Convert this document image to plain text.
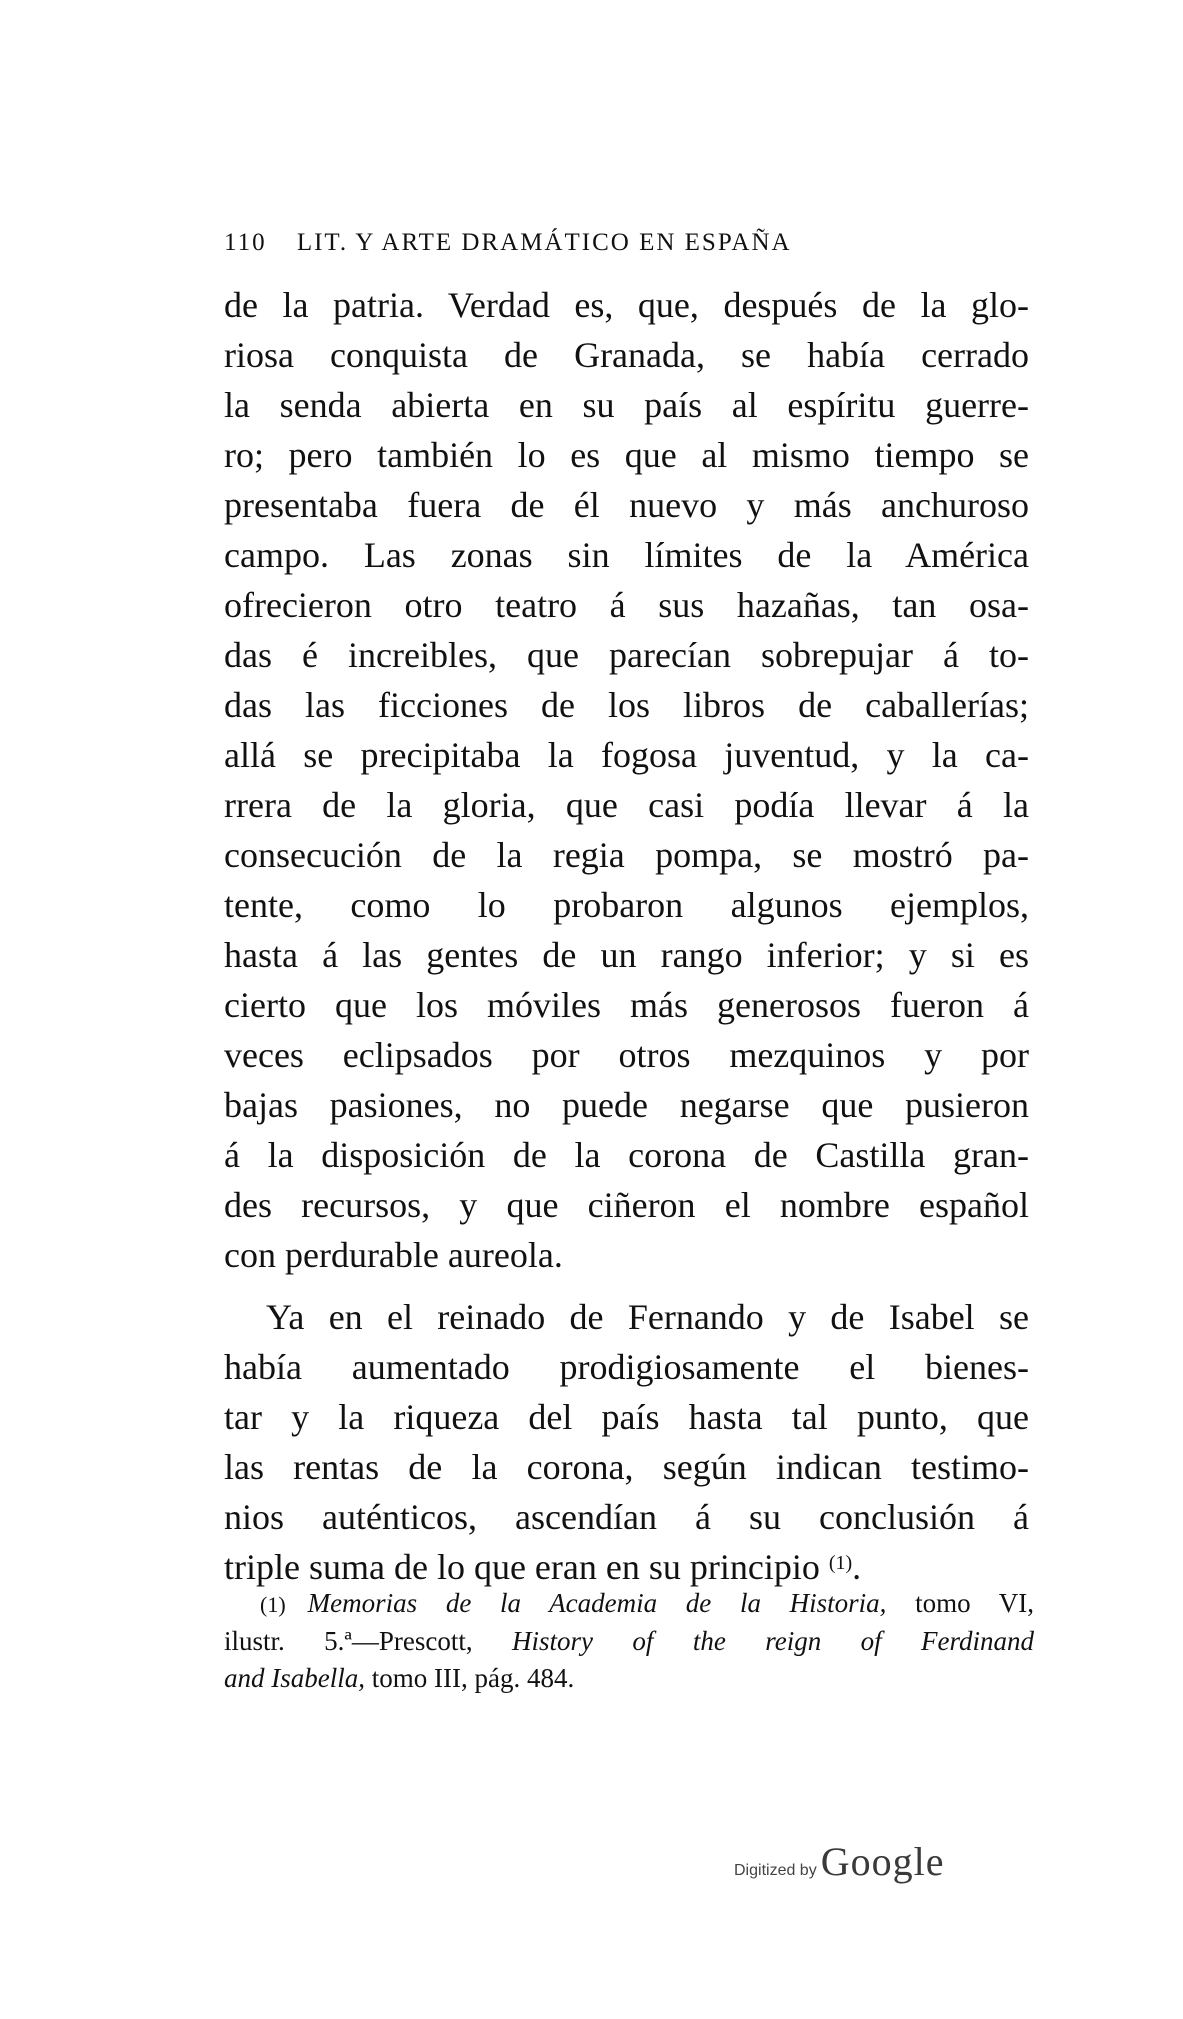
110 LIT. Y ARTE DRAMÁTICO EN ESPAÑA
de la patria. Verdad es, que, después de la glo-
riosa conquista de Granada, se había cerrado
la senda abierta en su país al espíritu guerre-
ro; pero también lo es que al mismo tiempo se
presentaba fuera de él nuevo y más anchuroso
campo. Las zonas sin límites de la América
ofrecieron otro teatro á sus hazañas, tan osa-
das é increibles, que parecían sobrepujar á to-
das las ficciones de los libros de caballerías;
allá se precipitaba la fogosa juventud, y la ca-
rrera de la gloria, que casi podía llevar á la
consecución de la regia pompa, se mostró pa-
tente, como lo probaron algunos ejemplos,
hasta á las gentes de un rango inferior; y si es
cierto que los móviles más generosos fueron á
veces eclipsados por otros mezquinos y por
bajas pasiones, no puede negarse que pusieron
á la disposición de la corona de Castilla gran-
des recursos, y que ciñeron el nombre español
con perdurable aureola.
Ya en el reinado de Fernando y de Isabel se
había aumentado prodigiosamente el bienes-
tar y la riqueza del país hasta tal punto, que
las rentas de la corona, según indican testimo-
nios auténticos, ascendían á su conclusión á
triple suma de lo que eran en su principio $^{(1)}$.
(1) Memorias de la Academia de la Historia, tomo VI,
ilustr. 5.ª—Prescott, History of the reign of Ferdinand
and Isabella, tomo III, pág. 484.
Digitized by Google
